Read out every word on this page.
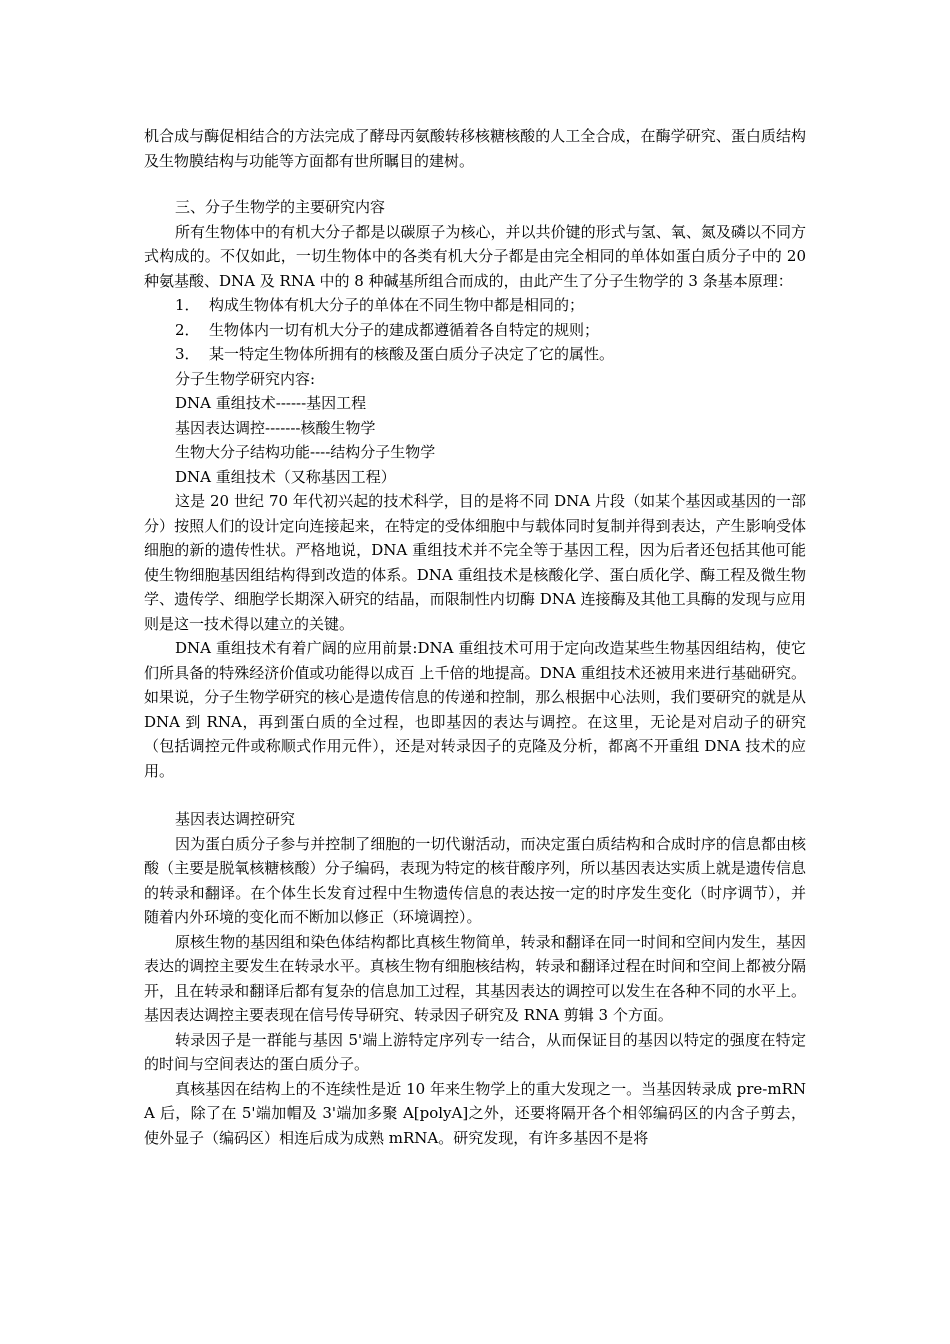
机合成与酶促相结合的方法完成了酵母丙氨酸转移核糖核酸的人工全合成，在酶学研究、蛋白质结构及生物膜结构与功能等方面都有世所瞩目的建树。

三、分子生物学的主要研究内容

所有生物体中的有机大分子都是以碳原子为核心，并以共价键的形式与氢、氧、氮及磷以不同方式构成的。不仅如此，一切生物体中的各类有机大分子都是由完全相同的单体如蛋白质分子中的 20 种氨基酸、DNA 及 RNA 中的 8 种碱基所组合而成的，由此产生了分子生物学的 3 条基本原理：

1． 构成生物体有机大分子的单体在不同生物中都是相同的；
2． 生物体内一切有机大分子的建成都遵循着各自特定的规则；
3． 某一特定生物体所拥有的核酸及蛋白质分子决定了它的属性。

分子生物学研究内容:

DNA 重组技术------基因工程

基因表达调控-------核酸生物学

生物大分子结构功能----结构分子生物学

DNA 重组技术（又称基因工程）

这是 20 世纪 70 年代初兴起的技术科学，目的是将不同 DNA 片段（如某个基因或基因的一部分）按照人们的设计定向连接起来，在特定的受体细胞中与载体同时复制并得到表达，产生影响受体细胞的新的遗传性状。严格地说，DNA 重组技术并不完全等于基因工程，因为后者还包括其他可能使生物细胞基因组结构得到改造的体系。DNA 重组技术是核酸化学、蛋白质化学、酶工程及微生物学、遗传学、细胞学长期深入研究的结晶，而限制性内切酶 DNA 连接酶及其他工具酶的发现与应用则是这一技术得以建立的关键。

DNA 重组技术有着广阔的应用前景:DNA 重组技术可用于定向改造某些生物基因组结构，使它们所具备的特殊经济价值或功能得以成百 上千倍的地提高。DNA 重组技术还被用来进行基础研究。如果说，分子生物学研究的核心是遗传信息的传递和控制，那么根据中心法则，我们要研究的就是从 DNA 到 RNA，再到蛋白质的全过程，也即基因的表达与调控。在这里，无论是对启动子的研究（包括调控元件或称顺式作用元件），还是对转录因子的克隆及分析，都离不开重组 DNA 技术的应用。

基因表达调控研究

因为蛋白质分子参与并控制了细胞的一切代谢活动，而决定蛋白质结构和合成时序的信息都由核酸（主要是脱氧核糖核酸）分子编码，表现为特定的核苷酸序列，所以基因表达实质上就是遗传信息的转录和翻译。在个体生长发育过程中生物遗传信息的表达按一定的时序发生变化（时序调节），并随着内外环境的变化而不断加以修正（环境调控）。

原核生物的基因组和染色体结构都比真核生物简单，转录和翻译在同一时间和空间内发生，基因表达的调控主要发生在转录水平。真核生物有细胞核结构，转录和翻译过程在时间和空间上都被分隔开，且在转录和翻译后都有复杂的信息加工过程，其基因表达的调控可以发生在各种不同的水平上。基因表达调控主要表现在信号传导研究、转录因子研究及 RNA 剪辑 3 个方面。

转录因子是一群能与基因 5'端上游特定序列专一结合，从而保证目的基因以特定的强度在特定的时间与空间表达的蛋白质分子。

真核基因在结构上的不连续性是近 10 年来生物学上的重大发现之一。当基因转录成 pre-mRNA 后，除了在 5'端加帽及 3'端加多聚 A[polyA]之外，还要将隔开各个相邻编码区的内含子剪去，使外显子（编码区）相连后成为成熟 mRNA。研究发现，有许多基因不是将
